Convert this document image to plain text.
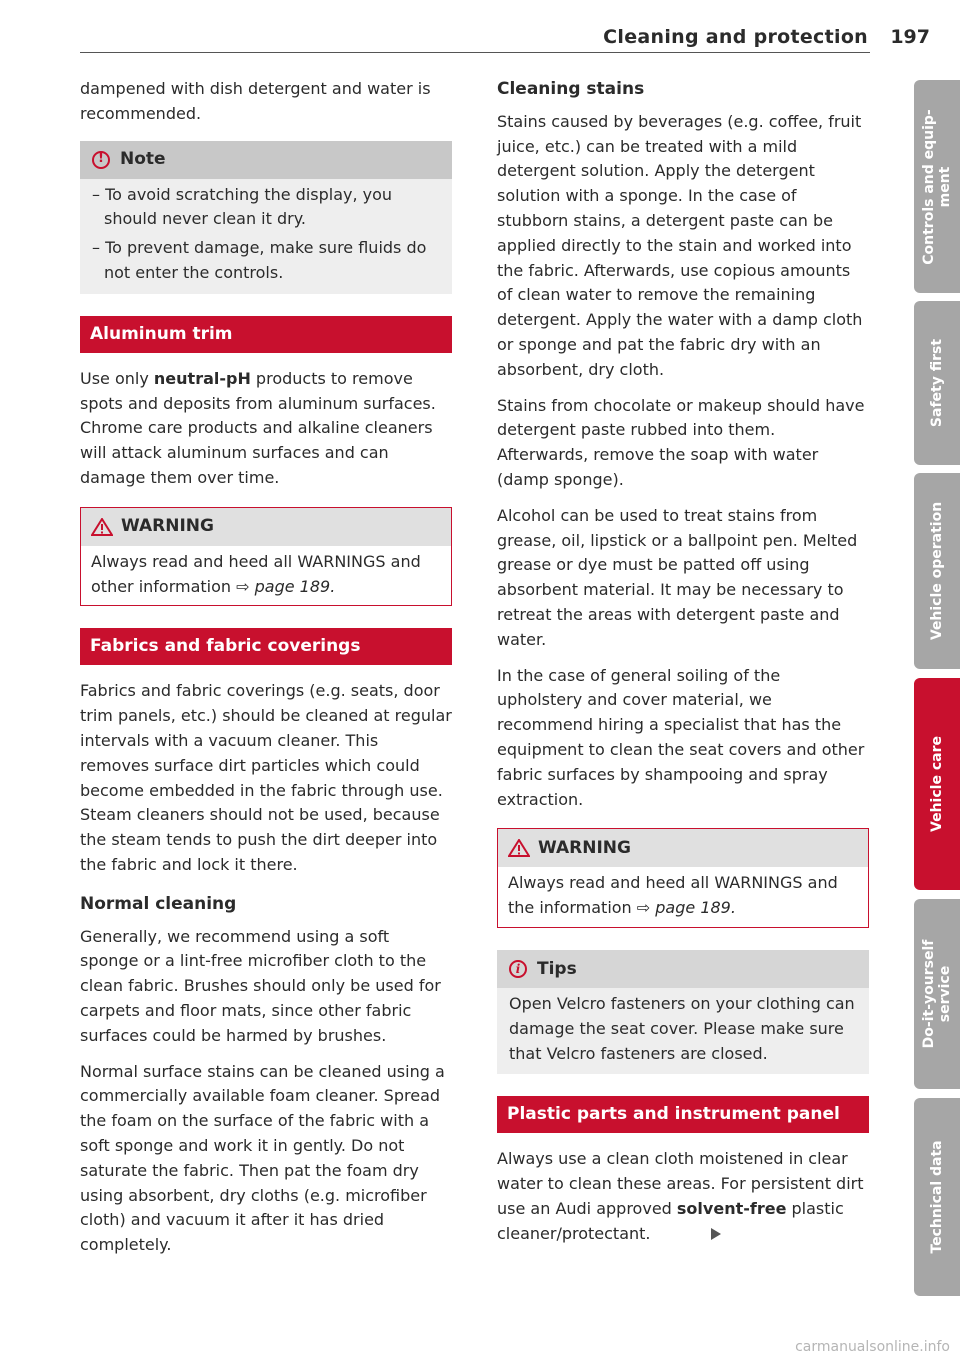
Cleaning and protection 197

dampened with dish detergent and water is recommended.

! Note
– To avoid scratching the display, you should never clean it dry.
– To prevent damage, make sure fluids do not enter the controls.
Aluminum trim

Use only neutral-pH products to remove spots and deposits from aluminum surfaces. Chrome care products and alkaline cleaners will attack aluminum surfaces and can damage them over time.

WARNING
Always read and heed all WARNINGS and other information ⇨ page 189.
Fabrics and fabric coverings

Fabrics and fabric coverings (e.g. seats, door trim panels, etc.) should be cleaned at regular intervals with a vacuum cleaner. This removes surface dirt particles which could become embedded in the fabric through use. Steam cleaners should not be used, because the steam tends to push the dirt deeper into the fabric and lock it there.

Normal cleaning

Generally, we recommend using a soft sponge or a lint-free microfiber cloth to the clean fabric. Brushes should only be used for carpets and floor mats, since other fabric surfaces could be harmed by brushes.

Normal surface stains can be cleaned using a commercially available foam cleaner. Spread the foam on the surface of the fabric with a soft sponge and work it in gently. Do not saturate the fabric. Then pat the foam dry using absorbent, dry cloths (e.g. microfiber cloth) and vacuum it after it has dried completely.

Cleaning stains

Stains caused by beverages (e.g. coffee, fruit juice, etc.) can be treated with a mild detergent solution. Apply the detergent solution with a sponge. In the case of stubborn stains, a detergent paste can be applied directly to the stain and worked into the fabric. Afterwards, use copious amounts of clean water to remove the remaining detergent. Apply the water with a damp cloth or sponge and pat the fabric dry with an absorbent, dry cloth.

Stains from chocolate or makeup should have detergent paste rubbed into them. Afterwards, remove the soap with water (damp sponge).

Alcohol can be used to treat stains from grease, oil, lipstick or a ballpoint pen. Melted grease or dye must be patted off using absorbent material. It may be necessary to retreat the areas with detergent paste and water.

In the case of general soiling of the upholstery and cover material, we recommend hiring a specialist that has the equipment to clean the seat covers and other fabric surfaces by shampooing and spray extraction.

WARNING
Always read and heed all WARNINGS and the information ⇨ page 189.
i Tips
Open Velcro fasteners on your clothing can damage the seat cover. Please make sure that Velcro fasteners are closed.
Plastic parts and instrument panel

Always use a clean cloth moistened in clear water to clean these areas. For persistent dirt use an Audi approved solvent-free plastic cleaner/protectant.

Controls and equip-
ment
Safety first
Vehicle operation
Vehicle care
Do-it-yourself
service
Technical data
carmanualsonline.info
